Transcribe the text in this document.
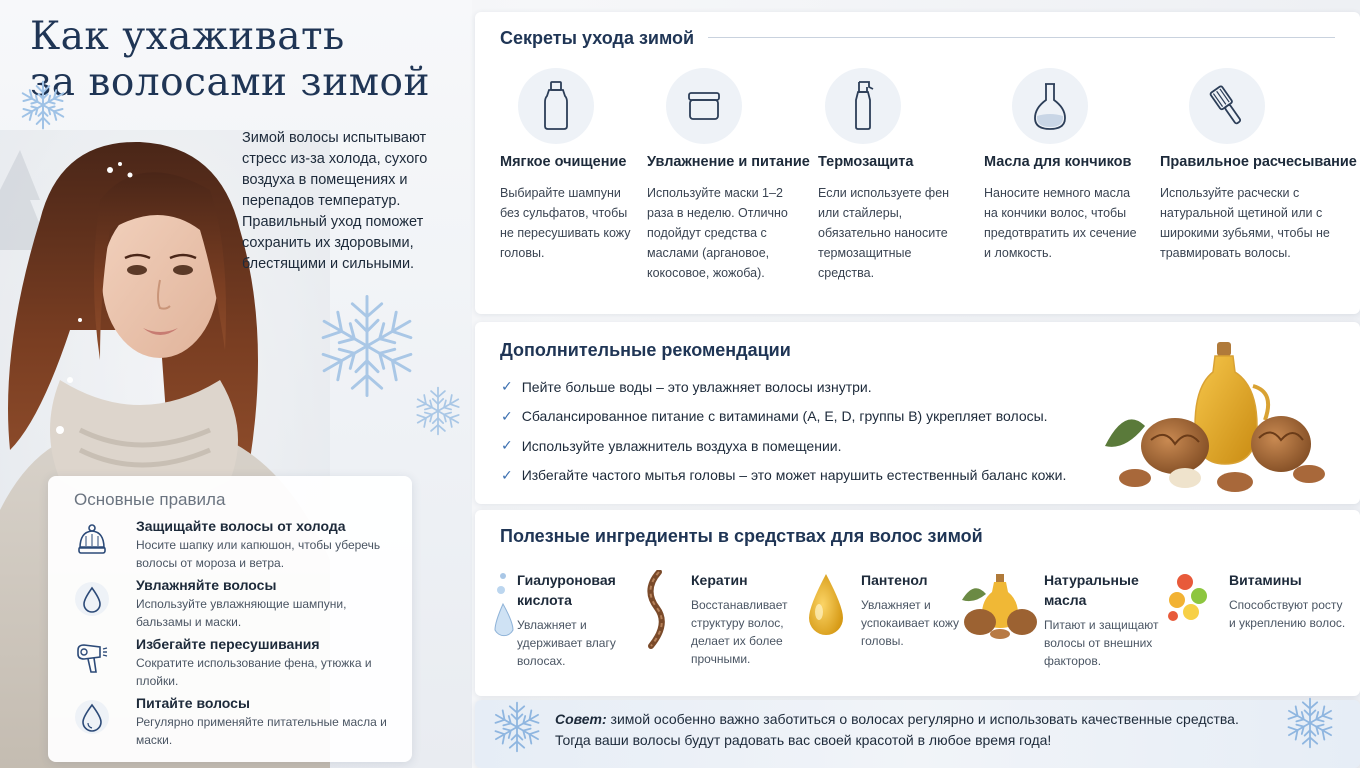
Как ухаживать
за волосами зимой

Зимой волосы испытывают стресс из-за холода, сухого воздуха в помещениях и перепадов температур. Правильный уход поможет сохранить их здоровыми, блестящими и сильными.

Основные правила
Защищайте волосы от холода
Носите шапку или капюшон, чтобы уберечь волосы от мороза и ветра.
Увлажняйте волосы
Используйте увлажняющие шампуни, бальзамы и маски.
Избегайте пересушивания
Сократите использование фена, утюжка и плойки.
Питайте волосы
Регулярно применяйте питательные масла и маски.
Секреты ухода зимой
Мягкое очищение
Выбирайте шампуни без сульфатов, чтобы не пересушивать кожу головы.
Увлажнение и питание
Используйте маски 1–2 раза в неделю. Отлично подойдут средства с маслами (аргановое, кокосовое, жожоба).
Термозащита
Если используете фен или стайлеры, обязательно наносите термозащитные средства.
Масла для кончиков
Наносите немного масла на кончики волос, чтобы предотвратить их сечение и ломкость.
Правильное расчесывание
Используйте расчески с натуральной щетиной или с широкими зубьями, чтобы не травмировать волосы.
Дополнительные рекомендации
✓ Пейте больше воды – это увлажняет волосы изнутри.
✓ Сбалансированное питание с витаминами (A, E, D, группы B) укрепляет волосы.
✓ Используйте увлажнитель воздуха в помещении.
✓ Избегайте частого мытья головы – это может нарушить естественный баланс кожи.
Полезные ингредиенты в средствах для волос зимой
Гиалуроновая кислота
Увлажняет и удерживает влагу волосах.
Кератин
Восстанавливает структуру волос, делает их более прочными.
Пантенол
Увлажняет и успокаивает кожу головы.
Натуральные масла
Питают и защищают волосы от внешних факторов.
Витамины
Способствуют росту и укреплению волос.
Совет: зимой особенно важно заботиться о волосах регулярно и использовать качественные средства.
Тогда ваши волосы будут радовать вас своей красотой в любое время года!
